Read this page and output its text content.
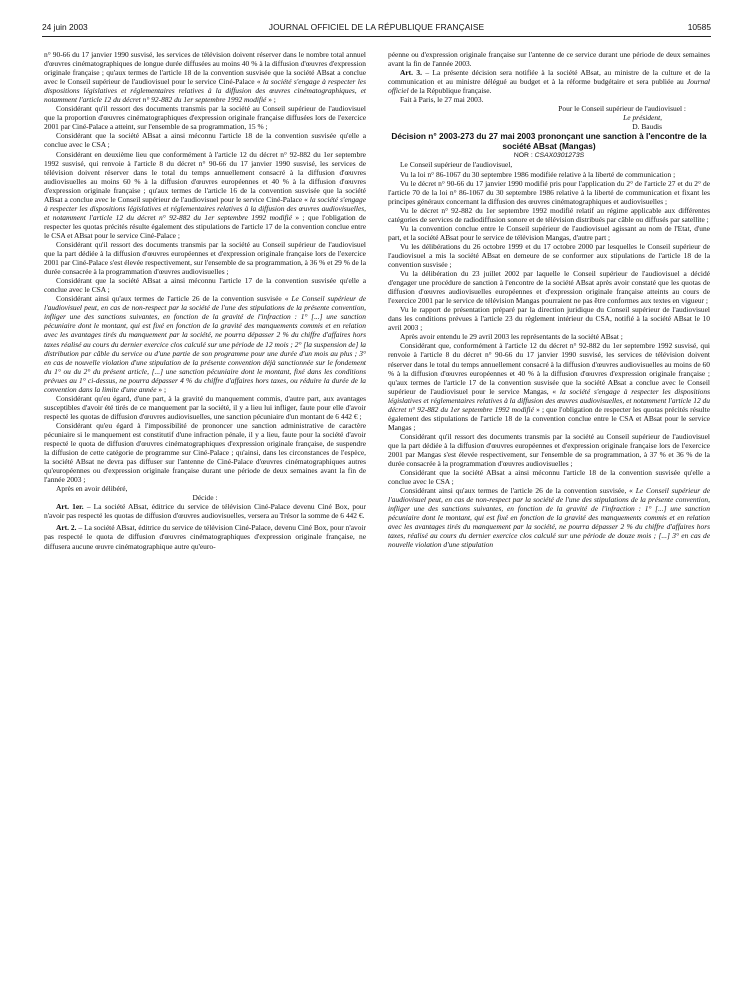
24 juin 2003	JOURNAL OFFICIEL DE LA RÉPUBLIQUE FRANÇAISE	10585

n° 90-66 du 17 janvier 1990 susvisé, les services de télévision doivent réserver dans le nombre total annuel d'œuvres cinématographiques de longue durée diffusées au moins 40 % à la diffusion d'œuvres d'expression originale française ; qu'aux termes de l'article 18 de la convention susvisée que la société ABsat a conclue avec le Conseil supérieur de l'audiovisuel pour le service Ciné-Palace « la société s'engage à respecter les dispositions législatives et réglementaires relatives à la diffusion des œuvres cinématographiques, et notamment l'article 12 du décret n° 92-882 du 1er septembre 1992 modifié » ;

Considérant qu'il ressort des documents transmis par la société au Conseil supérieur de l'audiovisuel que la proportion d'œuvres cinématographiques d'expression originale française diffusées lors de l'exercice 2001 par Ciné-Palace a atteint, sur l'ensemble de sa programmation, 15 % ;

Considérant que la société ABsat a ainsi méconnu l'article 18 de la convention susvisée qu'elle a conclue avec le CSA ;

Considérant en deuxième lieu que conformément à l'article 12 du décret n° 92-882 du 1er septembre 1992 susvisé, qui renvoie à l'article 8 du décret n° 90-66 du 17 janvier 1990 susvisé, les services de télévision doivent réserver dans le total du temps annuellement consacré à la diffusion d'œuvres audiovisuelles au moins 60 % à la diffusion d'œuvres européennes et 40 % à la diffusion d'œuvres d'expression originale française ; qu'aux termes de l'article 16 de la convention susvisée que la société ABsat a conclue avec le Conseil supérieur de l'audiovisuel pour le service Ciné-Palace « la société s'engage à respecter les dispositions législatives et réglementaires relatives à la diffusion des œuvres audiovisuelles, et notamment l'article 12 du décret n° 92-882 du 1er septembre 1992 modifié » ; que l'obligation de respecter les quotas précités résulte également des stipulations de l'article 17 de la convention conclue entre le CSA et ABsat pour le service Ciné-Palace ;

Considérant qu'il ressort des documents transmis par la société au Conseil supérieur de l'audiovisuel que la part dédiée à la diffusion d'œuvres européennes et d'expression originale française lors de l'exercice 2001 par Ciné-Palace s'est élevée respectivement, sur l'ensemble de sa programmation, à 36 % et 29 % de la durée consacrée à la programmation d'œuvres audiovisuelles ;

Considérant que la société ABsat a ainsi méconnu l'article 17 de la convention susvisée qu'elle a conclue avec le CSA ;

Considérant ainsi qu'aux termes de l'article 26 de la convention susvisée « Le Conseil supérieur de l'audiovisuel peut, en cas de non-respect par la société de l'une des stipulations de la présente convention, infliger une des sanctions suivantes, en fonction de la gravité de l'infraction : 1° [...] une sanction pécuniaire dont le montant, qui est fixé en fonction de la gravité des manquements commis et en relation avec les avantages tirés du manquement par la société, ne pourra dépasser 2 % du chiffre d'affaires hors taxes réalisé au cours du dernier exercice clos calculé sur une période de 12 mois ; 2° [la suspension de] la distribution par câble du service ou d'une partie de son programme pour une durée d'un mois au plus ; 3° en cas de nouvelle violation d'une stipulation de la présente convention déjà sanctionnée sur le fondement du 1° ou du 2° du présent article, [...] une sanction pécuniaire dont le montant, fixé dans les conditions prévues au 1° ci-dessus, ne pourra dépasser 4 % du chiffre d'affaires hors taxes, ou réduire la durée de la convention dans la limite d'une année » ;

Considérant qu'eu égard, d'une part, à la gravité du manquement commis, d'autre part, aux avantages susceptibles d'avoir été tirés de ce manquement par la société, il y a lieu lui infliger, faute pour elle d'avoir respecté les quotas de diffusion d'œuvres audiovisuelles, une sanction pécuniaire d'un montant de 6 442 € ;

Considérant qu'eu égard à l'impossibilité de prononcer une sanction administrative de caractère pécuniaire si le manquement est constitutif d'une infraction pénale, il y a lieu, faute pour la société d'avoir respecté le quota de diffusion d'œuvres cinématographiques d'expression originale française, de suspendre la diffusion de cette catégorie de programme sur Ciné-Palace ; qu'ainsi, dans les circonstances de l'espèce, la société ABsat ne devra pas diffuser sur l'antenne de Ciné-Palace d'œuvres cinématographiques autres qu'européennes ou d'expression originale française durant une période de deux semaines avant la fin de l'année 2003 ;

Après en avoir délibéré,

Décide :

Art. 1er. – La société ABsat, éditrice du service de télévision Ciné-Palace devenu Ciné Box, pour n'avoir pas respecté les quotas de diffusion d'œuvres audiovisuelles, versera au Trésor la somme de 6 442 €.

Art. 2. – La société ABsat, éditrice du service de télévision Ciné-Palace, devenu Ciné Box, pour n'avoir pas respecté le quota de diffusion d'œuvres cinématographiques d'expression originale française, ne diffusera aucune œuvre cinématographique autre qu'euro-

péenne ou d'expression originale française sur l'antenne de ce service durant une période de deux semaines avant la fin de l'année 2003.

Art. 3. – La présente décision sera notifiée à la société ABsat, au ministre de la culture et de la communication et au ministre délégué au budget et à la réforme budgétaire et sera publiée au Journal officiel de la République française.

Fait à Paris, le 27 mai 2003.

Pour le Conseil supérieur de l'audiovisuel :

Le président,

D. Baudis

Décision n° 2003-273 du 27 mai 2003 prononçant une sanction à l'encontre de la société ABsat (Mangas)

NOR : CSAX0301273S

Le Conseil supérieur de l'audiovisuel,

Vu la loi n° 86-1067 du 30 septembre 1986 modifiée relative à la liberté de communication ;

Vu le décret n° 90-66 du 17 janvier 1990 modifié pris pour l'application du 2° de l'article 27 et du 2° de l'article 70 de la loi n° 86-1067 du 30 septembre 1986 relative à la liberté de communication et fixant les principes généraux concernant la diffusion des œuvres cinématographiques et audiovisuelles ;

Vu le décret n° 92-882 du 1er septembre 1992 modifié relatif au régime applicable aux différentes catégories de services de radiodiffusion sonore et de télévision distribués par câble ou diffusés par satellite ;

Vu la convention conclue entre le Conseil supérieur de l'audiovisuel agissant au nom de l'Etat, d'une part, et la société ABsat pour le service de télévision Mangas, d'autre part ;

Vu les délibérations du 26 octobre 1999 et du 17 octobre 2000 par lesquelles le Conseil supérieur de l'audiovisuel a mis la société ABsat en demeure de se conformer aux stipulations de l'article 18 de la convention susvisée ;

Vu la délibération du 23 juillet 2002 par laquelle le Conseil supérieur de l'audiovisuel a décidé d'engager une procédure de sanction à l'encontre de la société ABsat après avoir constaté que les quotas de diffusion d'œuvres audiovisuelles européennes et d'expression originale française atteints au cours de l'exercice 2001 par le service de télévision Mangas pourraient ne pas être conformes aux textes en vigueur ;

Vu le rapport de présentation préparé par la direction juridique du Conseil supérieur de l'audiovisuel dans les conditions prévues à l'article 23 du règlement intérieur du CSA, notifié à la société ABsat le 10 avril 2003 ;

Après avoir entendu le 29 avril 2003 les représentants de la société ABsat ;

Considérant que, conformément à l'article 12 du décret n° 92-882 du 1er septembre 1992 susvisé, qui renvoie à l'article 8 du décret n° 90-66 du 17 janvier 1990 susvisé, les services de télévision doivent réserver dans le total du temps annuellement consacré à la diffusion d'œuvres audiovisuelles au moins de 60 % à la diffusion d'œuvres européennes et 40 % à la diffusion d'œuvres d'expression originale française ; qu'aux termes de l'article 17 de la convention susvisée que la société ABsat a conclue avec le Conseil supérieur de l'audiovisuel pour le service Mangas, « la société s'engage à respecter les dispositions législatives et réglementaires relatives à la diffusion des œuvres audiovisuelles, et notamment l'article 12 du décret n° 92-882 du 1er septembre 1992 modifié » ; que l'obligation de respecter les quotas précités résulte également des stipulations de l'article 18 de la convention conclue entre le CSA et ABsat pour le service Mangas ;

Considérant qu'il ressort des documents transmis par la société au Conseil supérieur de l'audiovisuel que la part dédiée à la diffusion d'œuvres européennes et d'expression originale française lors de l'exercice 2001 par Mangas s'est élevée respectivement, sur l'ensemble de sa programmation, à 37 % et 36 % de la durée consacrée à la programmation d'œuvres audiovisuelles ;

Considérant que la société ABsat a ainsi méconnu l'article 18 de la convention susvisée qu'elle a conclue avec le CSA ;

Considérant ainsi qu'aux termes de l'article 26 de la convention susvisée, « Le Conseil supérieur de l'audiovisuel peut, en cas de non-respect par la société de l'une des stipulations de la présente convention, infliger une des sanctions suivantes, en fonction de la gravité de l'infraction : 1° [...] une sanction pécuniaire dont le montant, qui est fixé en fonction de la gravité des manquements commis et en relation avec les avantages tirés du manquement par la société, ne pourra dépasser 2 % du chiffre d'affaires hors taxes, réalisé au cours du dernier exercice clos calculé sur une période de douze mois ; [...] 3° en cas de nouvelle violation d'une stipulation
